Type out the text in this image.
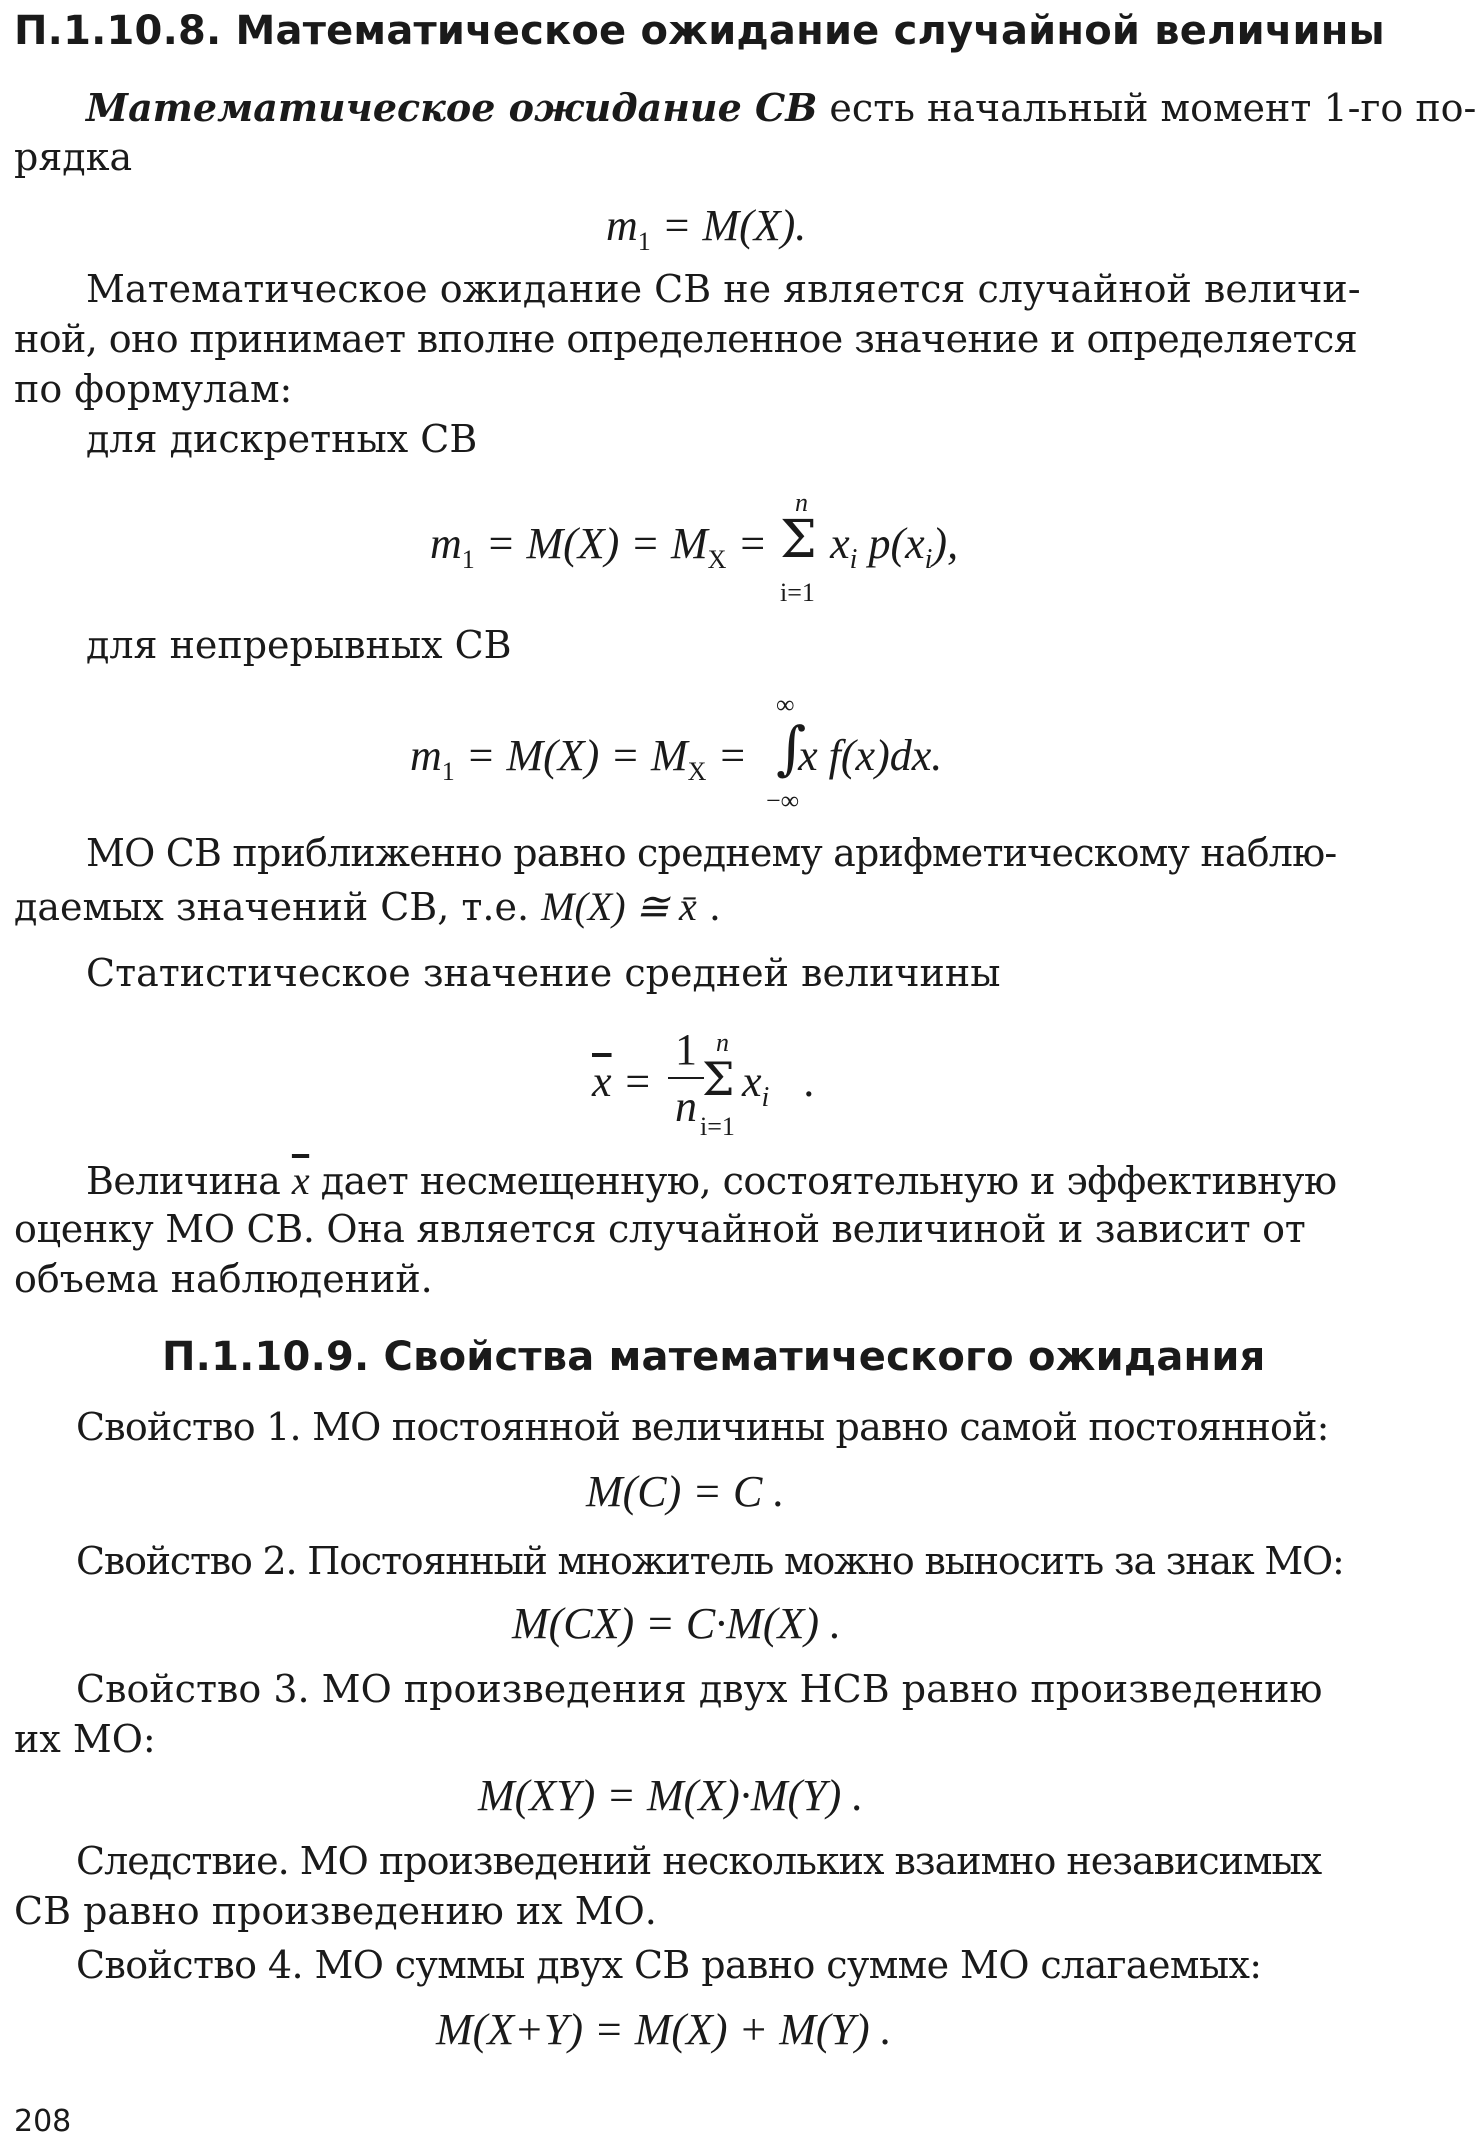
П.1.10.8. Математическое ожидание случайной величины
Математическое ожидание СВ есть начальный момент 1-го по-
рядка
$m_1 = M(X)$.
Математическое ожидание СВ не является случайной величи-
ной, оно принимает вполне определенное значение и определяется
по формулам:
для дискретных СВ
$m_1 = M(X) = M_X = x_i$ $p(x_i)$,
Σ
n
i=1
для непрерывных СВ
$m_1 = M(X) = M_X = x$ f(x)dx.
∫
∞
−∞
МО СВ приближенно равно среднему арифметическому наблю-
даемых значений СВ, т.е. M(X) ≅ x̄ .
Статистическое значение средней величины
$\overline{x}$ =
1
n
Σ
n
i=1
$x_i$ .
Величина $\overline{x}$ дает несмещенную, состоятельную и эффективную
оценку МО СВ. Она является случайной величиной и зависит от
объема наблюдений.
П.1.10.9. Свойства математического ожидания
Свойство 1. МО постоянной величины равно самой постоянной:
M(C) = C .
Свойство 2. Постоянный множитель можно выносить за знак МО:
M(CX) = C·M(X) .
Свойство 3. МО произведения двух НСВ равно произведению
их МО:
M(XY) = M(X)·M(Y) .
Следствие. МО произведений нескольких взаимно независимых
СВ равно произведению их МО.
Свойство 4. МО суммы двух СВ равно сумме МО слагаемых:
M(X+Y) = M(X) + M(Y) .
208
